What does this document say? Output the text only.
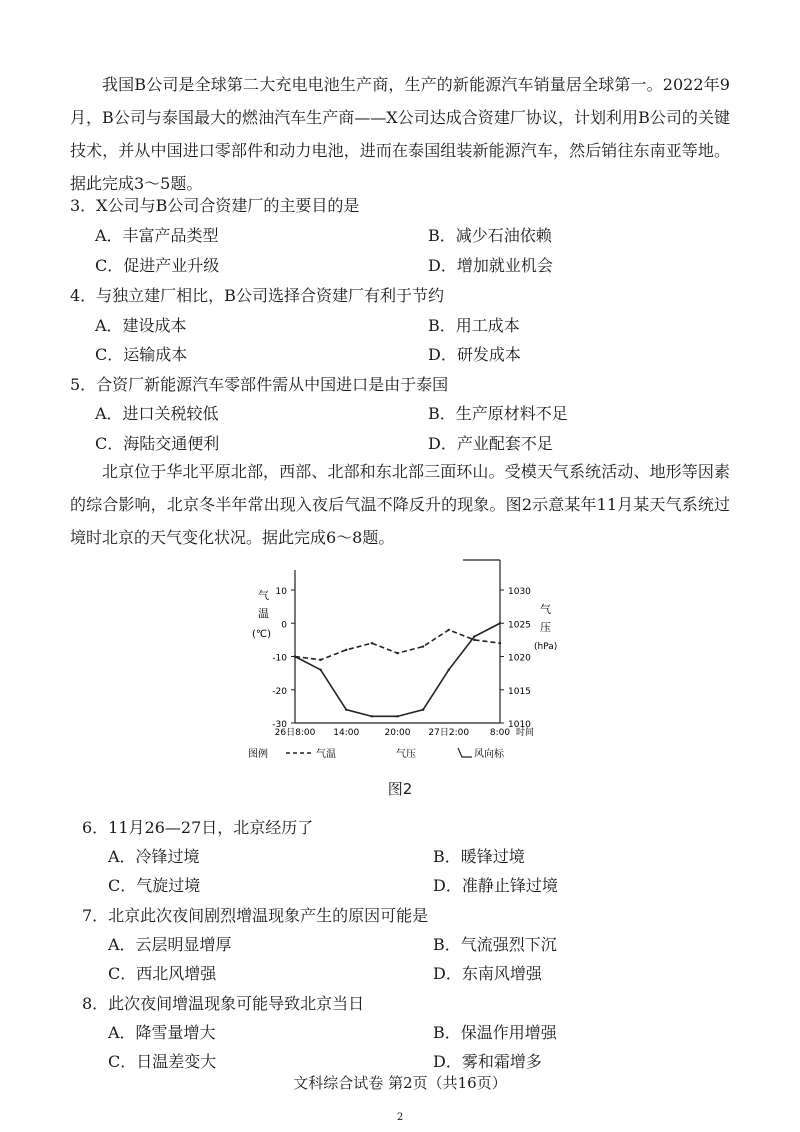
我国B公司是全球第二大充电电池生产商，生产的新能源汽车销量居全球第一。2022年9月，B公司与泰国最大的燃油汽车生产商——X公司达成合资建厂协议，计划利用B公司的关键技术，并从中国进口零部件和动力电池，进而在泰国组装新能源汽车，然后销往东南亚等地。据此完成3～5题。

3．X公司与B公司合资建厂的主要目的是
A．丰富产品类型	B．减少石油依赖
C．促进产业升级	D．增加就业机会
4．与独立建厂相比，B公司选择合资建厂有利于节约
A．建设成本	B．用工成本
C．运输成本	D．研发成本
5．合资厂新能源汽车零部件需从中国进口是由于泰国
A．进口关税较低	B．生产原材料不足
C．海陆交通便利	D．产业配套不足

北京位于华北平原北部，西部、北部和东北部三面环山。受模天气系统活动、地形等因素的综合影响，北京冬半年常出现入夜后气温不降反升的现象。图2示意某年11月某天气系统过境时北京的天气变化状况。据此完成6～8题。

气
温
(℃)
气
压
(hPa)
10
0
-10
-20
-30
1030
1025
1020
1015
1010
26日8:00 14:00	20:00 27日2:00 8:00 时间
图例	气温	气压	风向标
图2
6．11月26—27日，北京经历了
A．冷锋过境	B．暖锋过境
C．气旋过境	D．准静止锋过境
7．北京此次夜间剧烈增温现象产生的原因可能是
A．云层明显增厚	B．气流强烈下沉
C．西北风增强	D．东南风增强
8．此次夜间增温现象可能导致北京当日
A．降雪量增大	B．保温作用增强
C．日温差变大	D．雾和霜增多
文科综合试卷 第2页（共16页）
2
